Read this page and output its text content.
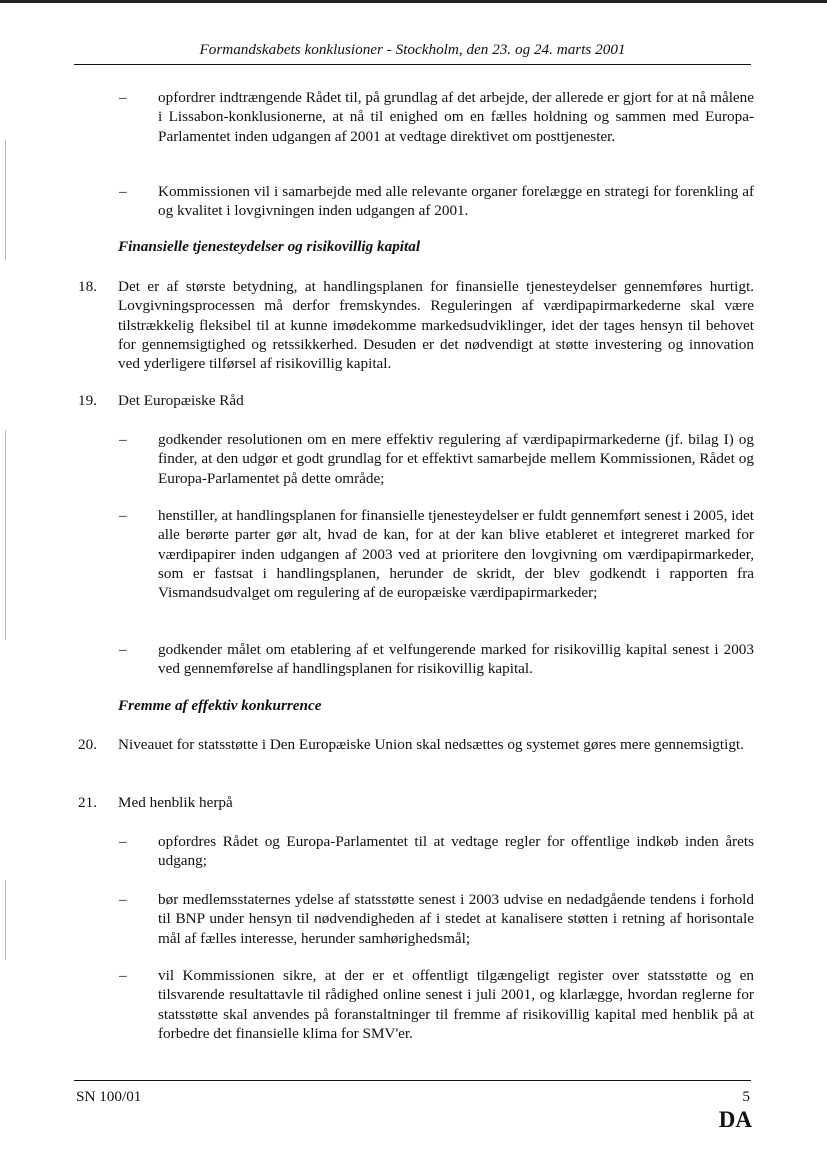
Formandskabets konklusioner - Stockholm, den 23. og 24. marts 2001
–	opfordrer indtrængende Rådet til, på grundlag af det arbejde, der allerede er gjort for at nå målene i Lissabon-konklusionerne, at nå til enighed om en fælles holdning og sammen med Europa-Parlamentet inden udgangen af 2001 at vedtage direktivet om posttjenester.
–	Kommissionen vil i samarbejde med alle relevante organer forelægge en strategi for forenkling af og kvalitet i lovgivningen inden udgangen af 2001.
Finansielle tjenesteydelser og risikovillig kapital
18.	Det er af største betydning, at handlingsplanen for finansielle tjenesteydelser gennemføres hurtigt. Lovgivningsprocessen må derfor fremskyndes. Reguleringen af værdipapirmarkederne skal være tilstrækkelig fleksibel til at kunne imødekomme markedsudviklinger, idet der tages hensyn til behovet for gennemsigtighed og retssikkerhed. Desuden er det nødvendigt at støtte investering og innovation ved yderligere tilførsel af risikovillig kapital.
19.	Det Europæiske Råd
–	godkender resolutionen om en mere effektiv regulering af værdipapirmarkederne (jf. bilag I) og finder, at den udgør et godt grundlag for et effektivt samarbejde mellem Kommissionen, Rådet og Europa-Parlamentet på dette område;
–	henstiller, at handlingsplanen for finansielle tjenesteydelser er fuldt gennemført senest i 2005, idet alle berørte parter gør alt, hvad de kan, for at der kan blive etableret et integreret marked for værdipapirer inden udgangen af 2003 ved at prioritere den lovgivning om værdipapirmarkeder, som er fastsat i handlingsplanen, herunder de skridt, der blev godkendt i rapporten fra Vismandsudvalget om regulering af de europæiske værdipapirmarkeder;
–	godkender målet om etablering af et velfungerende marked for risikovillig kapital senest i 2003 ved gennemførelse af handlingsplanen for risikovillig kapital.
Fremme af effektiv konkurrence
20.	Niveauet for statsstøtte i Den Europæiske Union skal nedsættes og systemet gøres mere gennemsigtigt.
21.	Med henblik herpå
–	opfordres Rådet og Europa-Parlamentet til at vedtage regler for offentlige indkøb inden årets udgang;
–	bør medlemsstaternes ydelse af statsstøtte senest i 2003 udvise en nedadgående tendens i forhold til BNP under hensyn til nødvendigheden af i stedet at kanalisere støtten i retning af horisontale mål af fælles interesse, herunder samhørighedsmål;
–	vil Kommissionen sikre, at der er et offentligt tilgængeligt register over statsstøtte og en tilsvarende resultattavle til rådighed online senest i juli 2001, og klarlægge, hvordan reglerne for statsstøtte skal anvendes på foranstaltninger til fremme af risikovillig kapital med henblik på at forbedre det finansielle klima for SMV'er.
SN 100/01	5
DA
